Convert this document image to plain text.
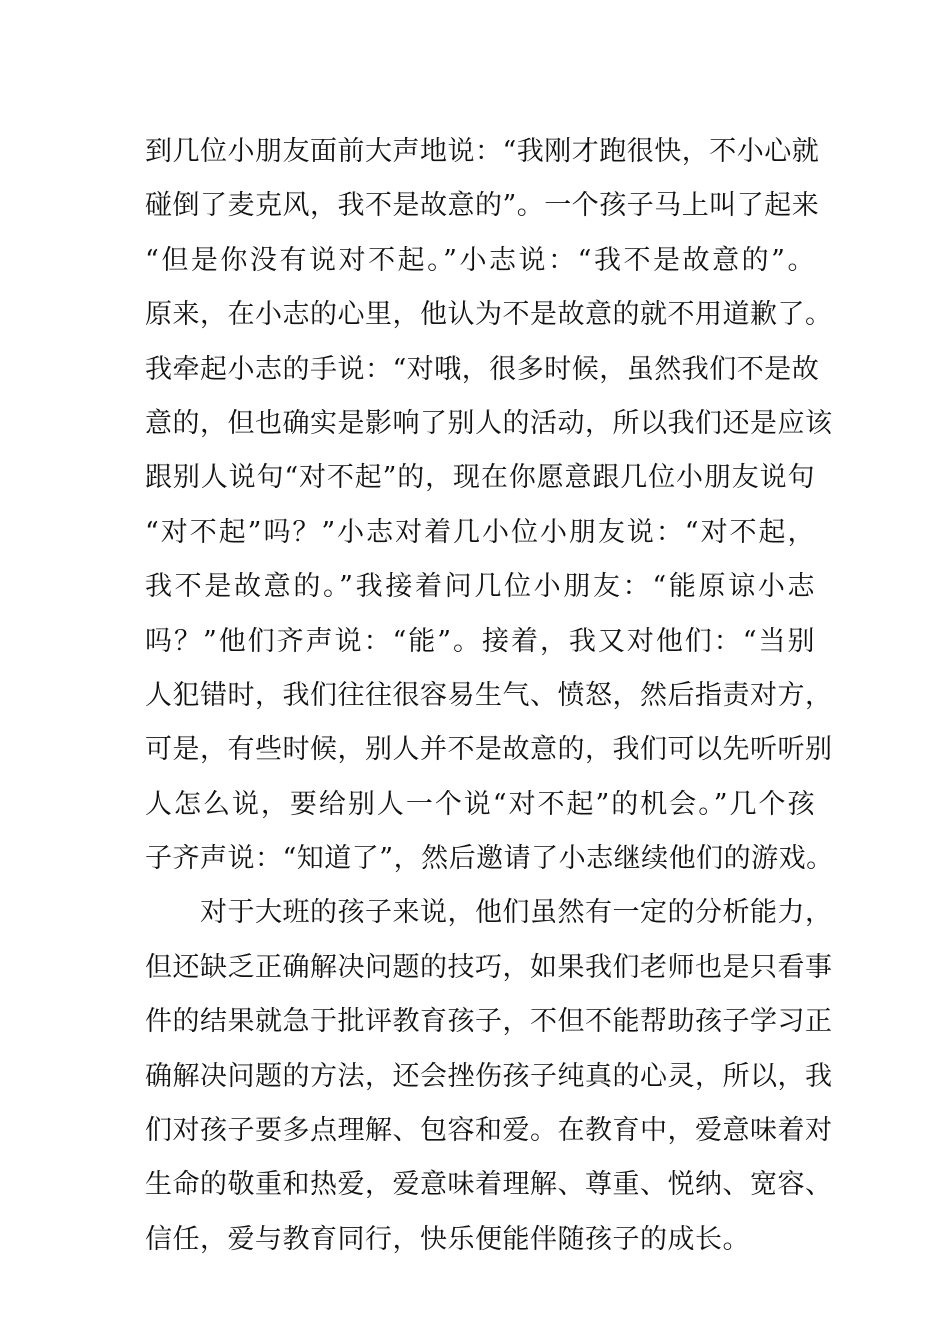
到几位小朋友面前大声地说：“我刚才跑很快，不小心就
碰倒了麦克风，我不是故意的”。一个孩子马上叫了起来
“但是你没有说对不起。”小志说：“我不是故意的”。
原来，在小志的心里，他认为不是故意的就不用道歉了。
我牵起小志的手说：“对哦，很多时候，虽然我们不是故
意的，但也确实是影响了别人的活动，所以我们还是应该
跟别人说句“对不起”的，现在你愿意跟几位小朋友说句
“对不起”吗？”小志对着几小位小朋友说：“对不起，
我不是故意的。”我接着问几位小朋友：“能原谅小志
吗？”他们齐声说：“能”。接着，我又对他们：“当别
人犯错时，我们往往很容易生气、愤怒，然后指责对方，
可是，有些时候，别人并不是故意的，我们可以先听听别
人怎么说，要给别人一个说“对不起”的机会。”几个孩
子齐声说：“知道了”，然后邀请了小志继续他们的游戏。
对于大班的孩子来说，他们虽然有一定的分析能力，
但还缺乏正确解决问题的技巧，如果我们老师也是只看事
件的结果就急于批评教育孩子，不但不能帮助孩子学习正
确解决问题的方法，还会挫伤孩子纯真的心灵，所以，我
们对孩子要多点理解、包容和爱。在教育中，爱意味着对
生命的敬重和热爱，爱意味着理解、尊重、悦纳、宽容、
信任，爱与教育同行，快乐便能伴随孩子的成长。
